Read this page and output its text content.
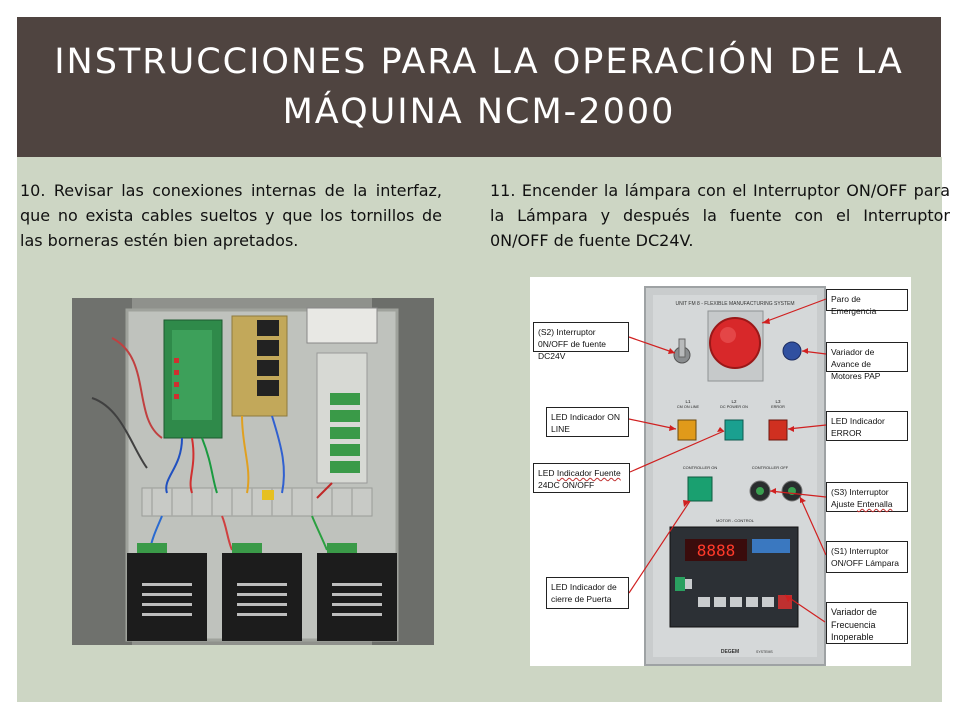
INSTRUCCIONES PARA LA OPERACIÓN DE LA MÁQUINA NCM-2000
10. Revisar las conexiones internas de la interfaz, que no exista cables sueltos y que los tornillos de las borneras estén bien apretados.
11. Encender la lámpara con el Interruptor ON/OFF para la Lámpara y después la fuente con el Interruptor 0N/OFF de fuente DC24V.
UNIT FM 8 - FLEXIBLE MANUFACTURING SYSTEM
L1
CM ON LINE
L2
DC POWER ON
L3
ERROR
CONTROLLER ON	CONTROLLER OFF
MOTOR - CONTROL
8888
DEGEM	SYSTEMS
(S2) Interruptor 0N/OFF de fuente DC24V
LED Indicador ON LINE
LED Indicador Fuente 24DC ON/OFF
LED Indicador de cierre de Puerta
Paro de Emergencia
Variador de Avance de Motores PAP
LED Indicador ERROR
(S3) Interruptor Ajuste Entenalla
(S1) Interruptor ON/OFF Lámpara
Variador de Frecuencia Inoperable
